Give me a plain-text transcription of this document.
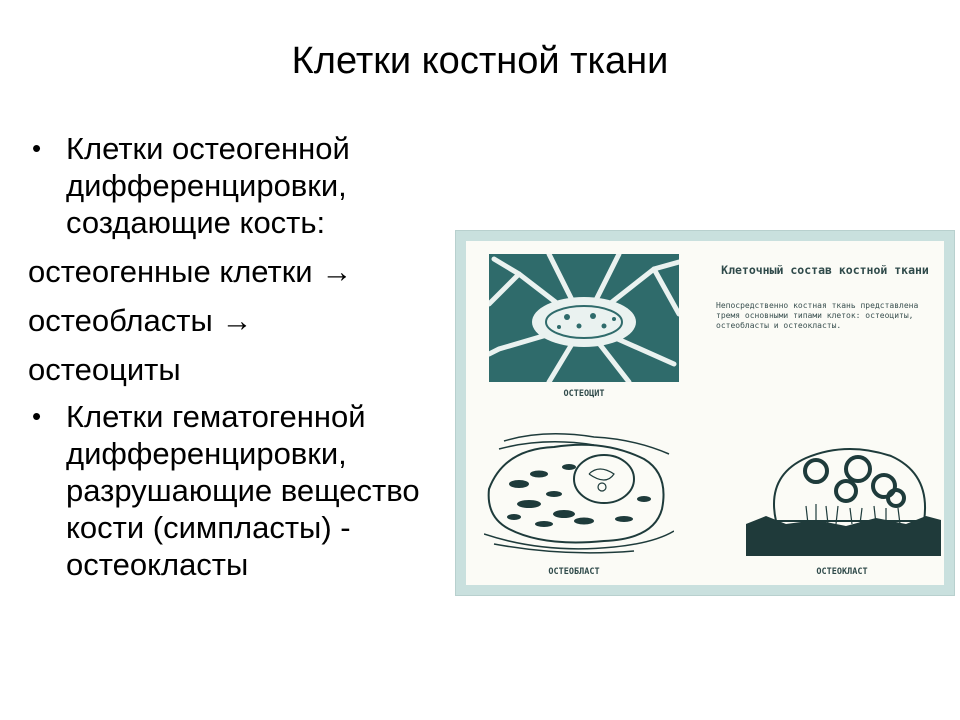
Клетки костной ткани
• Клетки остеогенной дифференцировки, создающие кость:
остеогенные клетки →
остеобласты →
остеоциты
• Клетки гематогенной дифференцировки, разрушающие вещество кости (симпласты) - остеокласты
ОСТЕОЦИТ
Клеточный состав костной ткани
Непосредственно костная ткань представлена тремя основными типами клеток: остеоциты, остеобласты и остеокласты.
ОСТЕОБЛАСТ	ОСТЕОКЛАСТ
